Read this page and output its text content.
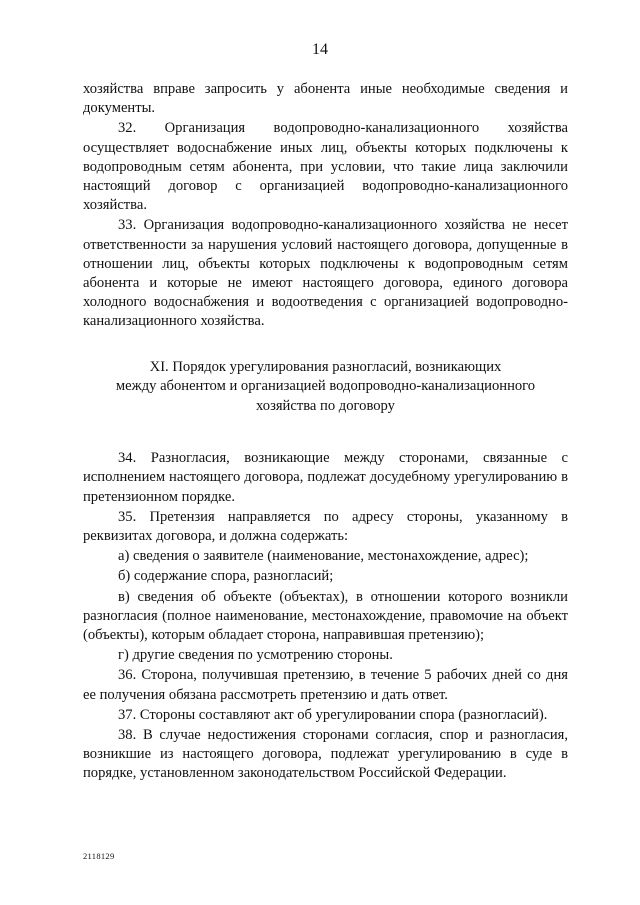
14

хозяйства вправе запросить у абонента иные необходимые сведения и документы.

32. Организация водопроводно-канализационного хозяйства осуществляет водоснабжение иных лиц, объекты которых подключены к водопроводным сетям абонента, при условии, что такие лица заключили настоящий договор с организацией водопроводно-канализационного хозяйства.

33. Организация водопроводно-канализационного хозяйства не несет ответственности за нарушения условий настоящего договора, допущенные в отношении лиц, объекты которых подключены к водопроводным сетям абонента и которые не имеют настоящего договора, единого договора холодного водоснабжения и водоотведения с организацией водопроводно-канализационного хозяйства.

XI. Порядок урегулирования разногласий, возникающих
между абонентом и организацией водопроводно-канализационного
хозяйства по договору

34. Разногласия, возникающие между сторонами, связанные с исполнением настоящего договора, подлежат досудебному урегулированию в претензионном порядке.

35. Претензия направляется по адресу стороны, указанному в реквизитах договора, и должна содержать:

а) сведения о заявителе (наименование, местонахождение, адрес);

б) содержание спора, разногласий;

в) сведения об объекте (объектах), в отношении которого возникли разногласия (полное наименование, местонахождение, правомочие на объект (объекты), которым обладает сторона, направившая претензию);

г) другие сведения по усмотрению стороны.

36. Сторона, получившая претензию, в течение 5 рабочих дней со дня ее получения обязана рассмотреть претензию и дать ответ.

37. Стороны составляют акт об урегулировании спора (разногласий).

38. В случае недостижения сторонами согласия, спор и разногласия, возникшие из настоящего договора, подлежат урегулированию в суде в порядке, установленном законодательством Российской Федерации.

2118129
